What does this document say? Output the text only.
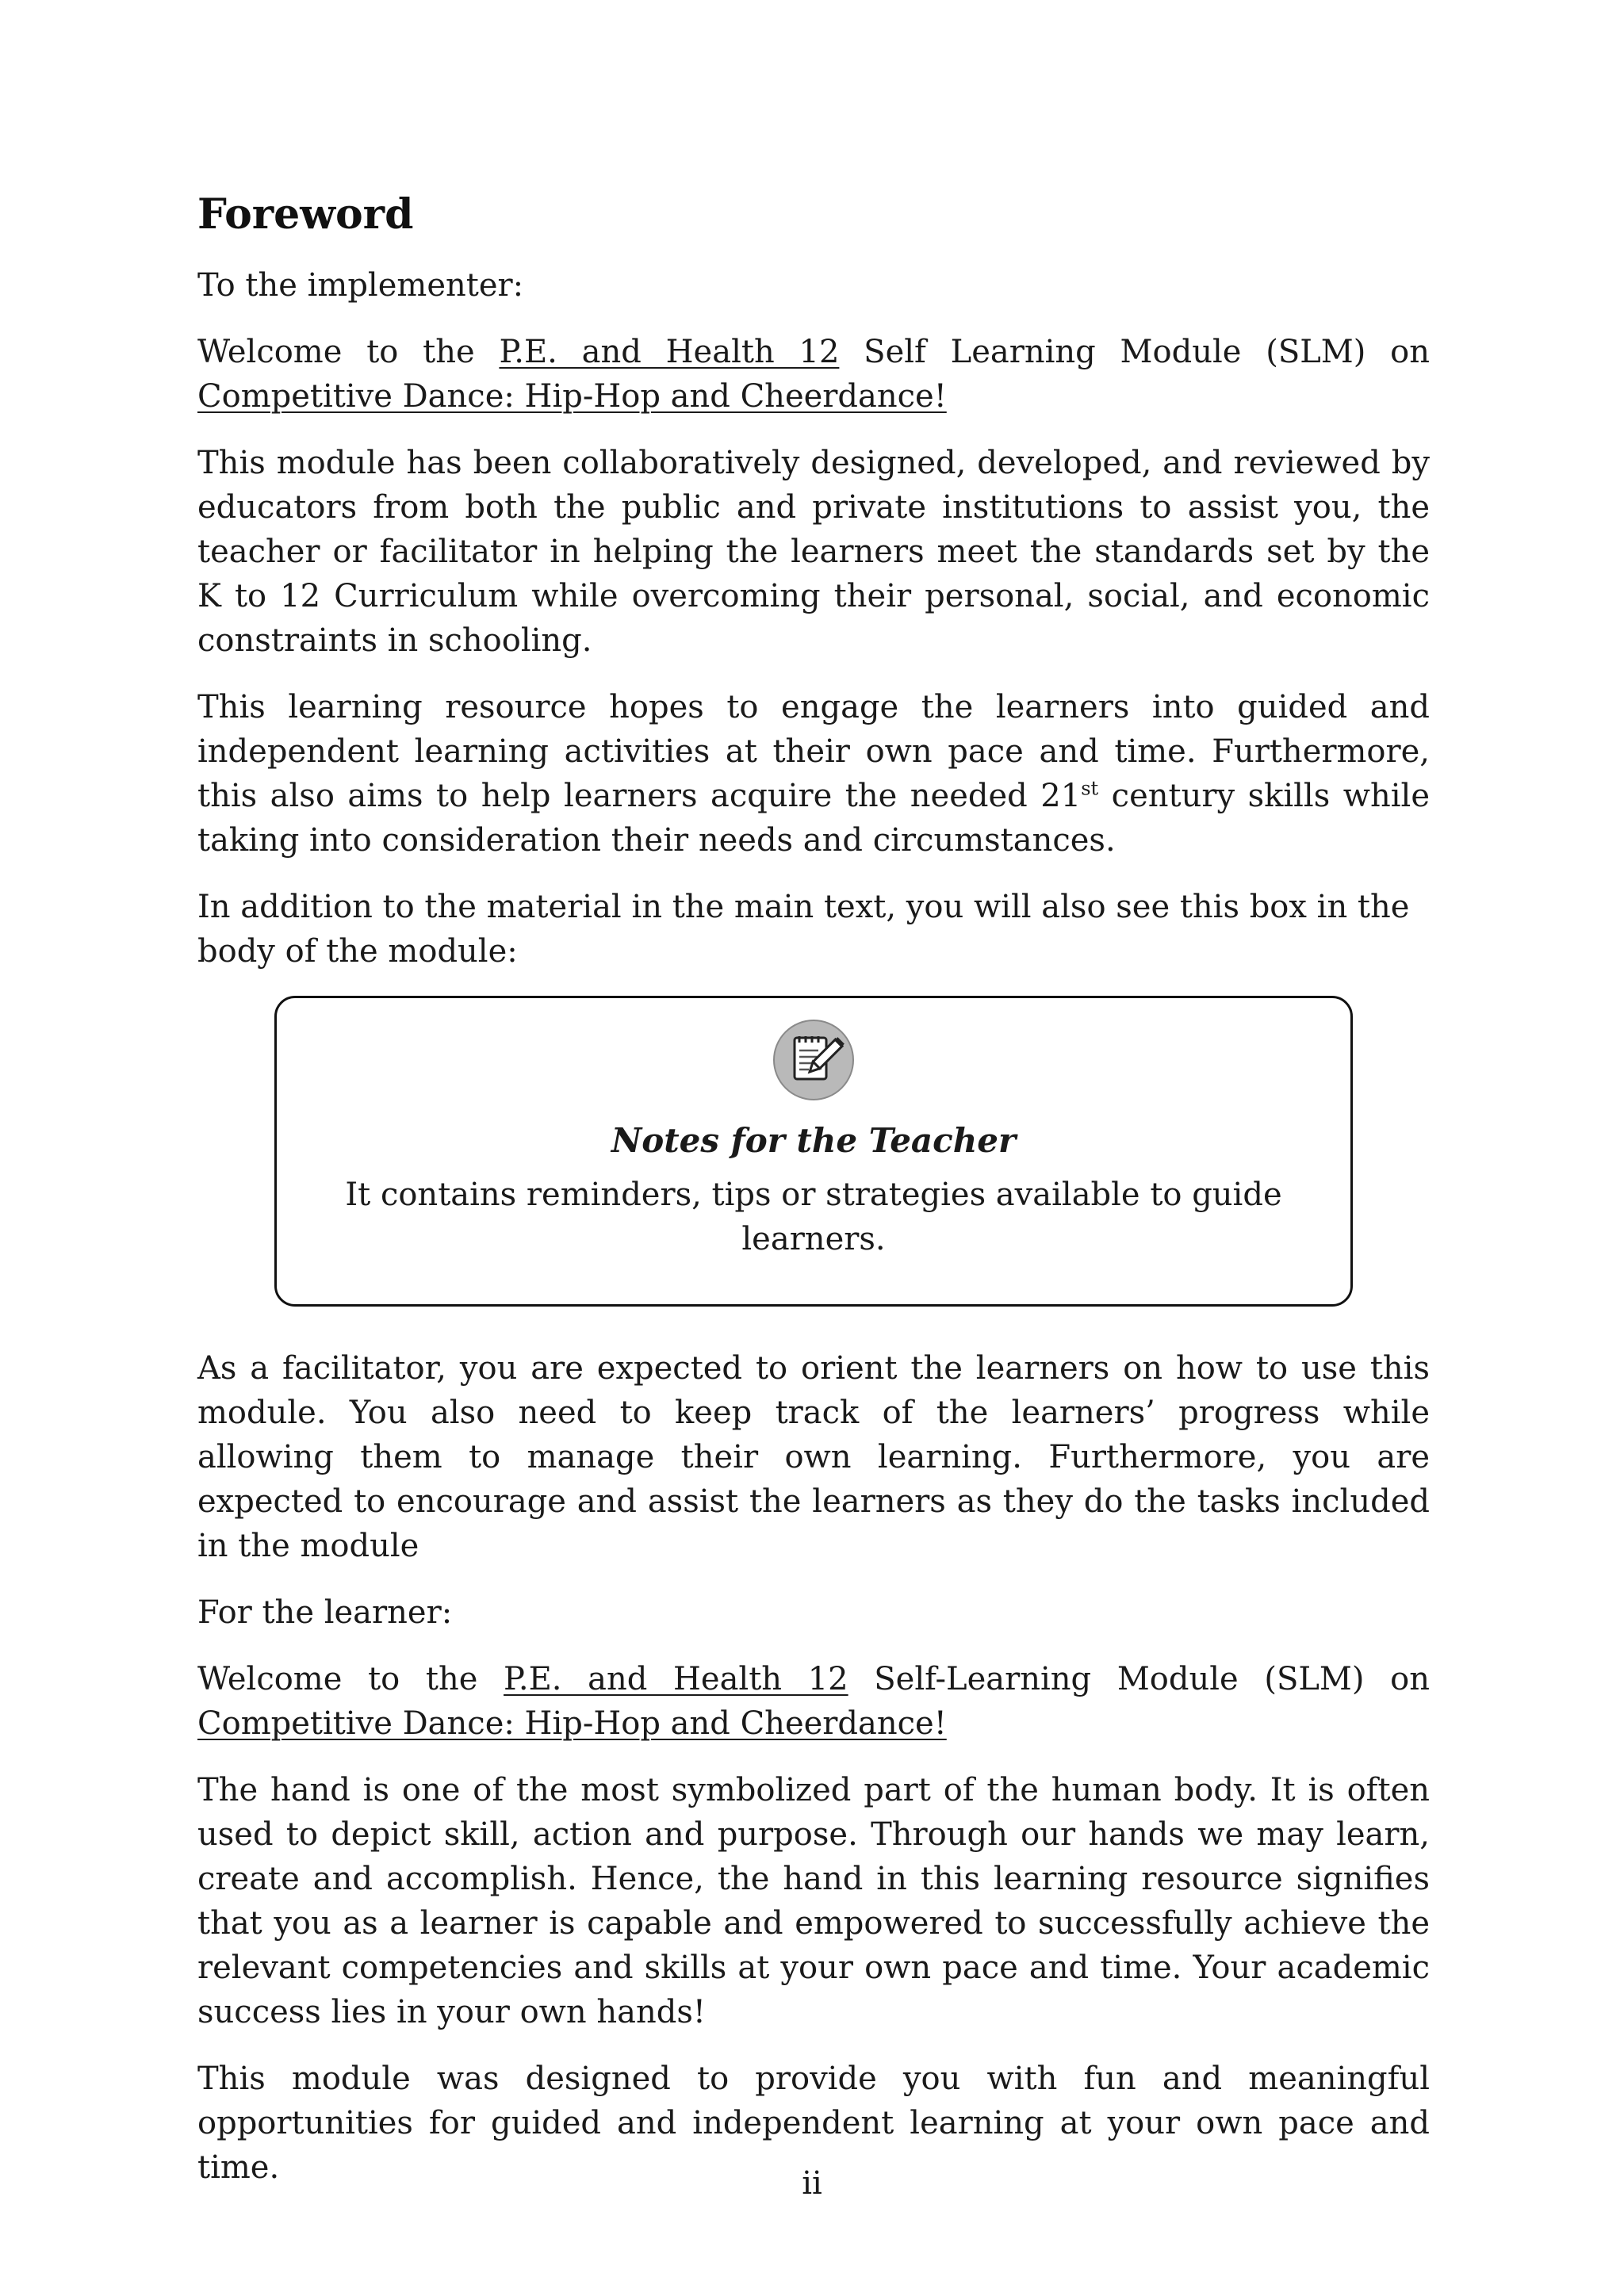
Foreword

To the implementer:

Welcome to the P.E. and Health 12 Self Learning Module (SLM) on Competitive Dance: Hip-Hop and Cheerdance!

This module has been collaboratively designed, developed, and reviewed by educators from both the public and private institutions to assist you, the teacher or facilitator in helping the learners meet the standards set by the K to 12 Curriculum while overcoming their personal, social, and economic constraints in schooling.

This learning resource hopes to engage the learners into guided and independent learning activities at their own pace and time. Furthermore, this also aims to help learners acquire the needed 21st century skills while taking into consideration their needs and circumstances.

In addition to the material in the main text, you will also see this box in the body of the module:

Notes for the Teacher

It contains reminders, tips or strategies available to guide learners.

As a facilitator, you are expected to orient the learners on how to use this module. You also need to keep track of the learners’ progress while allowing them to manage their own learning. Furthermore, you are expected to encourage and assist the learners as they do the tasks included in the module

For the learner:

Welcome to the P.E. and Health 12 Self-Learning Module (SLM) on Competitive Dance: Hip-Hop and Cheerdance!

The hand is one of the most symbolized part of the human body. It is often used to depict skill, action and purpose. Through our hands we may learn, create and accomplish. Hence, the hand in this learning resource signifies that you as a learner is capable and empowered to successfully achieve the relevant competencies and skills at your own pace and time. Your academic success lies in your own hands!

This module was designed to provide you with fun and meaningful opportunities for guided and independent learning at your own pace and time.	ii
